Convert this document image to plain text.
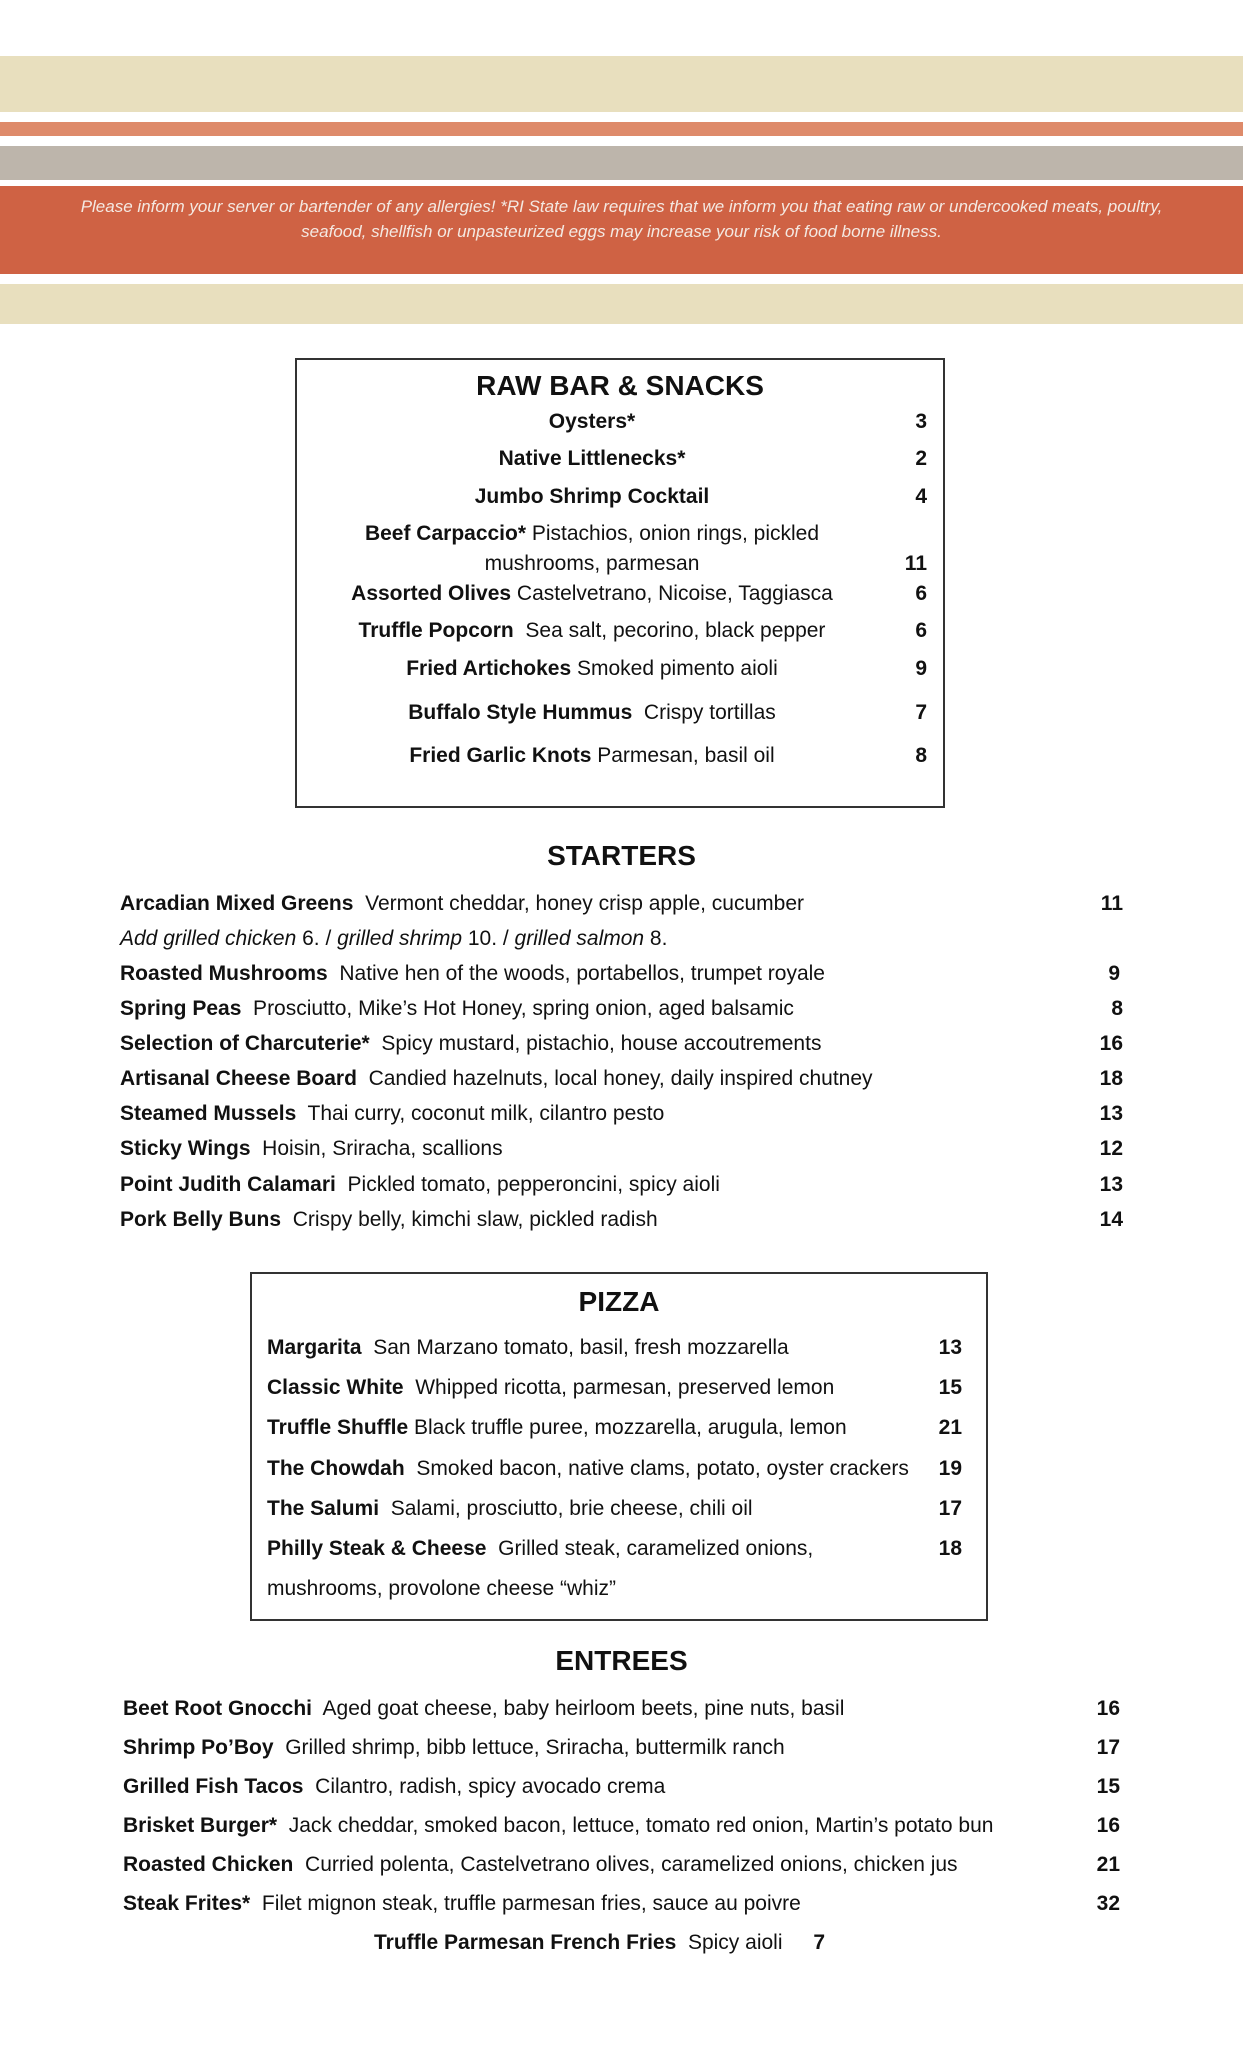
Please inform your server or bartender of any allergies! *RI State law requires that we inform you that eating raw or undercooked meats, poultry,
seafood, shellfish or unpasteurized eggs may increase your risk of food borne illness.
RAW BAR & SNACKS
Oysters*	3
Native Littlenecks*	2
Jumbo Shrimp Cocktail	4
Beef Carpaccio* Pistachios, onion rings, pickled
mushrooms, parmesan	11
Assorted Olives Castelvetrano, Nicoise, Taggiasca	6
Truffle Popcorn  Sea salt, pecorino, black pepper	6
Fried Artichokes Smoked pimento aioli	9
Buffalo Style Hummus  Crispy tortillas	7
Fried Garlic Knots Parmesan, basil oil	8
STARTERS
Arcadian Mixed Greens  Vermont cheddar, honey crisp apple, cucumber	11
Add grilled chicken 6. / grilled shrimp 10. / grilled salmon 8.
Roasted Mushrooms  Native hen of the woods, portabellos, trumpet royale	9
Spring Peas  Prosciutto, Mike’s Hot Honey, spring onion, aged balsamic	8
Selection of Charcuterie*  Spicy mustard, pistachio, house accoutrements	16
Artisanal Cheese Board  Candied hazelnuts, local honey, daily inspired chutney	18
Steamed Mussels  Thai curry, coconut milk, cilantro pesto	13
Sticky Wings  Hoisin, Sriracha, scallions	12
Point Judith Calamari  Pickled tomato, pepperoncini, spicy aioli	13
Pork Belly Buns  Crispy belly, kimchi slaw, pickled radish	14
PIZZA
Margarita  San Marzano tomato, basil, fresh mozzarella	13
Classic White  Whipped ricotta, parmesan, preserved lemon	15
Truffle Shuffle Black truffle puree, mozzarella, arugula, lemon	21
The Chowdah  Smoked bacon, native clams, potato, oyster crackers	19
The Salumi  Salami, prosciutto, brie cheese, chili oil	17
Philly Steak & Cheese  Grilled steak, caramelized onions,	18
mushrooms, provolone cheese “whiz”
ENTREES
Beet Root Gnocchi  Aged goat cheese, baby heirloom beets, pine nuts, basil	16
Shrimp Po’Boy  Grilled shrimp, bibb lettuce, Sriracha, buttermilk ranch	17
Grilled Fish Tacos  Cilantro, radish, spicy avocado crema	15
Brisket Burger*  Jack cheddar, smoked bacon, lettuce, tomato red onion, Martin’s potato bun	16
Roasted Chicken  Curried polenta, Castelvetrano olives, caramelized onions, chicken jus	21
Steak Frites*  Filet mignon steak, truffle parmesan fries, sauce au poivre	32
Truffle Parmesan French Fries  Spicy aioli	7
